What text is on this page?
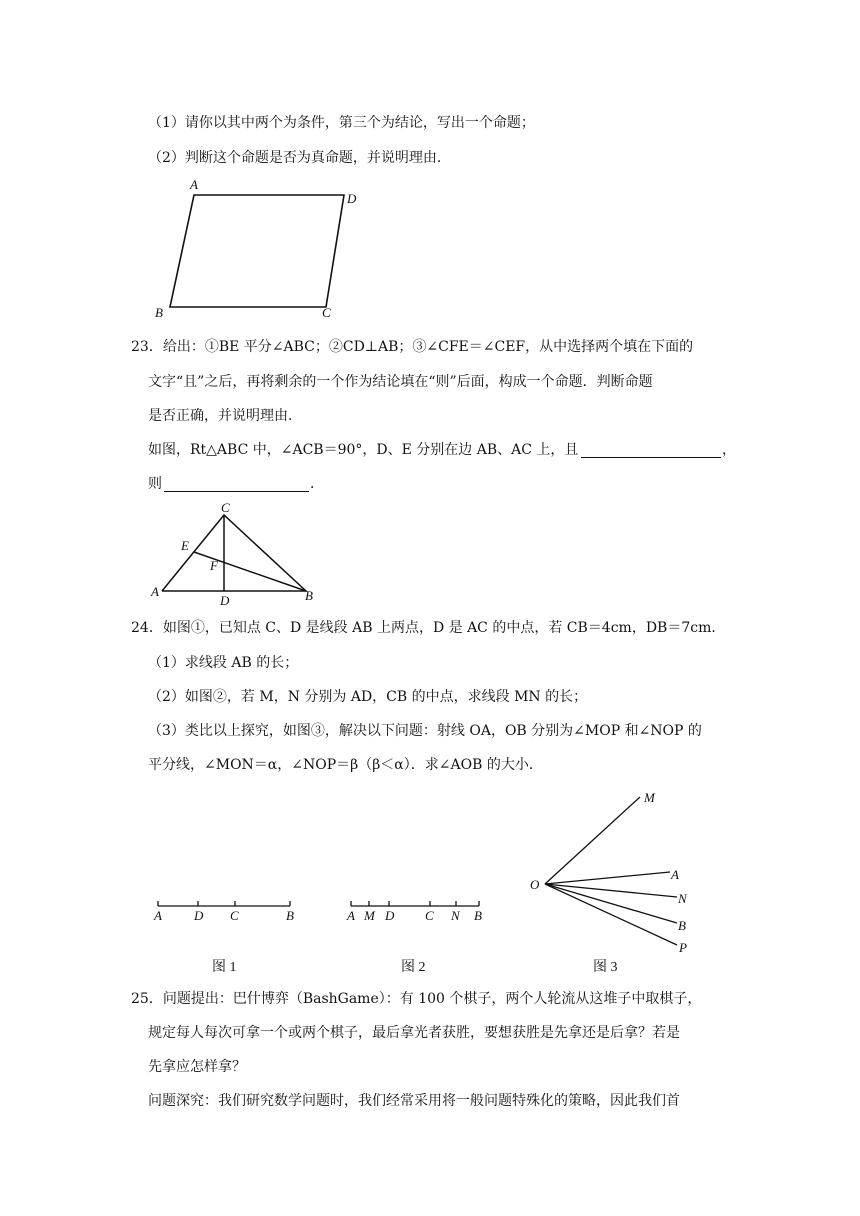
（1）请你以其中两个为条件，第三个为结论，写出一个命题；
（2）判断这个命题是否为真命题，并说明理由.
A
D
B	C
23．给出：①BE 平分∠ABC；②CD⊥AB；③∠CFE＝∠CEF，从中选择两个填在下面的
文字“且”之后，再将剩余的一个作为结论填在“则”后面，构成一个命题．判断命题
是否正确，并说明理由．
如图，Rt△ABC 中，∠ACB＝90°，D、E 分别在边 AB、AC 上，且	，
则	．
C
E
F
A
D	B
24．如图①，已知点 C、D 是线段 AB 上两点，D 是 AC 的中点，若 CB＝4cm，DB＝7cm．
（1）求线段 AB 的长；
（2）如图②，若 M，N 分别为 AD，CB 的中点，求线段 MN 的长；
（3）类比以上探究，如图③，解决以下问题：射线 OA，OB 分别为∠MOP 和∠NOP 的
平分线，∠MON＝α，∠NOP＝β（β＜α）．求∠AOB 的大小．
A D C	B
图 1
A M D C N B
图 2
O
M
A
N
B
P
图 3
25．问题提出：巴什博弈（BashGame）：有 100 个棋子，两个人轮流从这堆子中取棋子，
规定每人每次可拿一个或两个棋子，最后拿光者获胜，要想获胜是先拿还是后拿？若是
先拿应怎样拿？
问题深究：我们研究数学问题时，我们经常采用将一般问题特殊化的策略，因此我们首
